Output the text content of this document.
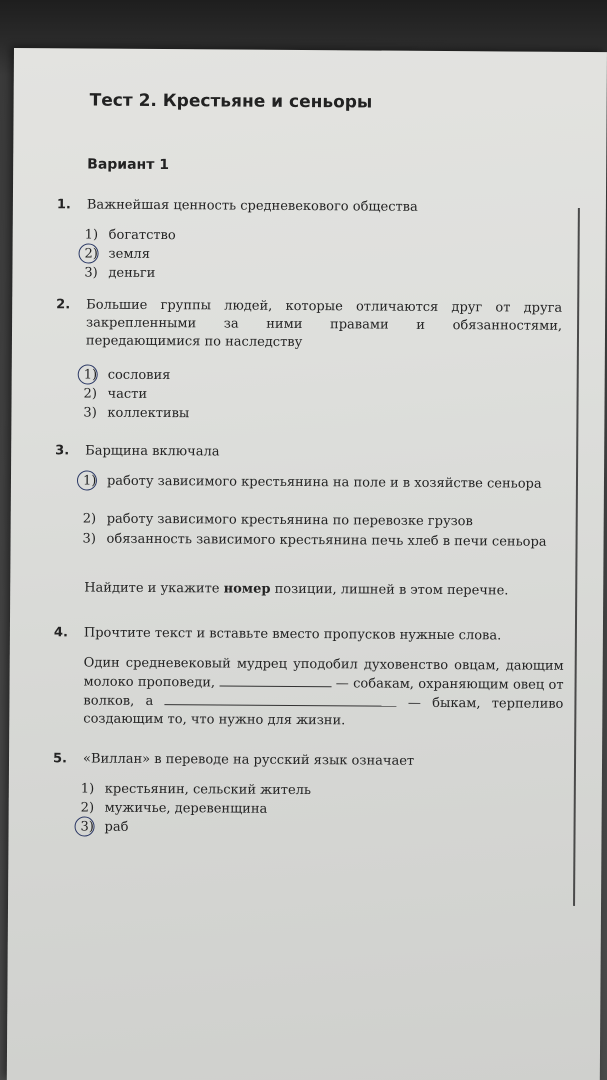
Тест 2. Крестьяне и сеньоры
Вариант 1
1. Важнейшая ценность средневекового общества
1) богатство
2) земля
3) деньги
2. Большие группы людей, которые отличаются друг от друга закрепленными за ними правами и обязанностями, передающимися по наследству
1) сословия
2) части
3) коллективы
3. Барщина включала
1) работу зависимого крестьянина на поле и в хозяйстве сеньора
2) работу зависимого крестьянина по перевозке грузов
3) обязанность зависимого крестьянина печь хлеб в печи сеньора
Найдите и укажите номер позиции, лишней в этом перечне.
4. Прочтите текст и вставьте вместо пропусков нужные слова.
Один средневековый мудрец уподобил духовенство овцам, дающим молоко проповеди,	— собакам, охраняющим овец от волков, а	— быкам, терпеливо создающим то, что нужно для жизни.
5. «Виллан» в переводе на русский язык означает
1) крестьянин, сельский житель
2) мужичье, деревенщина
3) раб
